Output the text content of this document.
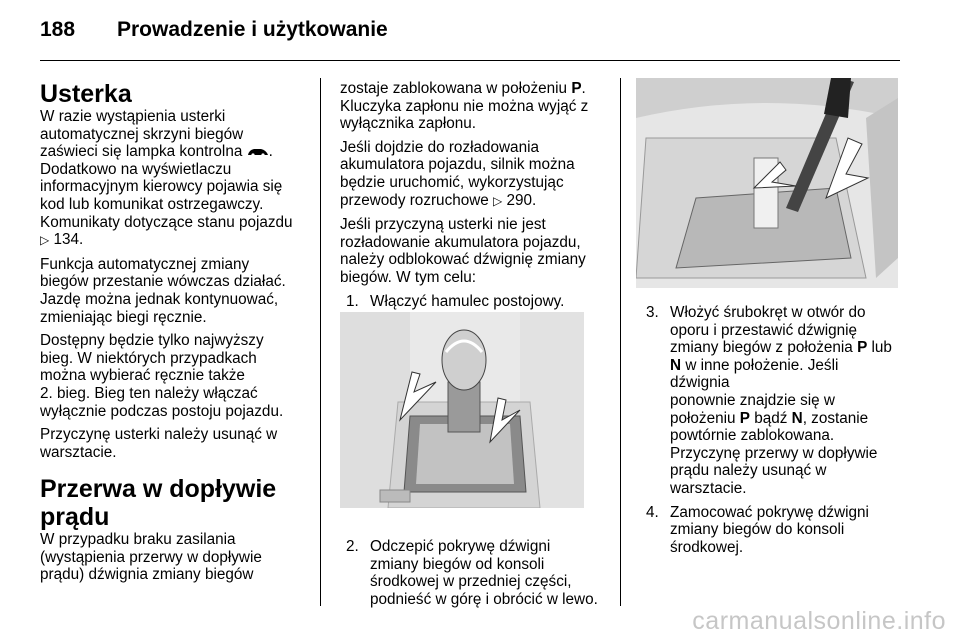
188 Prowadzenie i użytkowanie
Usterka

W razie wystąpienia usterki
automatycznej skrzyni biegów
zaświeci się lampka kontrolna .
Dodatkowo na wyświetlaczu
informacyjnym kierowcy pojawia się
kod lub komunikat ostrzegawczy.
Komunikaty dotyczące stanu pojazdu
▷ 134.

Funkcja automatycznej zmiany
biegów przestanie wówczas działać.
Jazdę można jednak kontynuować,
zmieniając biegi ręcznie.

Dostępny będzie tylko najwyższy
bieg. W niektórych przypadkach
można wybierać ręcznie także
2. bieg. Bieg ten należy włączać
wyłącznie podczas postoju pojazdu.

Przyczynę usterki należy usunąć w
warsztacie.

Przerwa w dopływie prądu

W przypadku braku zasilania
(wystąpienia przerwy w dopływie
prądu) dźwignia zmiany biegów

zostaje zablokowana w położeniu P.
Kluczyka zapłonu nie można wyjąć z
wyłącznika zapłonu.

Jeśli dojdzie do rozładowania
akumulatora pojazdu, silnik można
będzie uruchomić, wykorzystując
przewody rozruchowe ▷ 290.

Jeśli przyczyną usterki nie jest
rozładowanie akumulatora pojazdu,
należy odblokować dźwignię zmiany
biegów. W tym celu:

1. Włączyć hamulec postojowy.
2. Odczepić pokrywę dźwigni
zmiany biegów od konsoli
środkowej w przedniej części,
podnieść w górę i obrócić w lewo.
3. Włożyć śrubokręt w otwór do
oporu i przestawić dźwignię
zmiany biegów z położenia P lub
N w inne położenie. Jeśli dźwignia
ponownie znajdzie się w
położeniu P bądź N, zostanie
powtórnie zablokowana.
Przyczynę przerwy w dopływie
prądu należy usunąć w
warsztacie.
4. Zamocować pokrywę dźwigni
zmiany biegów do konsoli
środkowej.
carmanualsonline.info
